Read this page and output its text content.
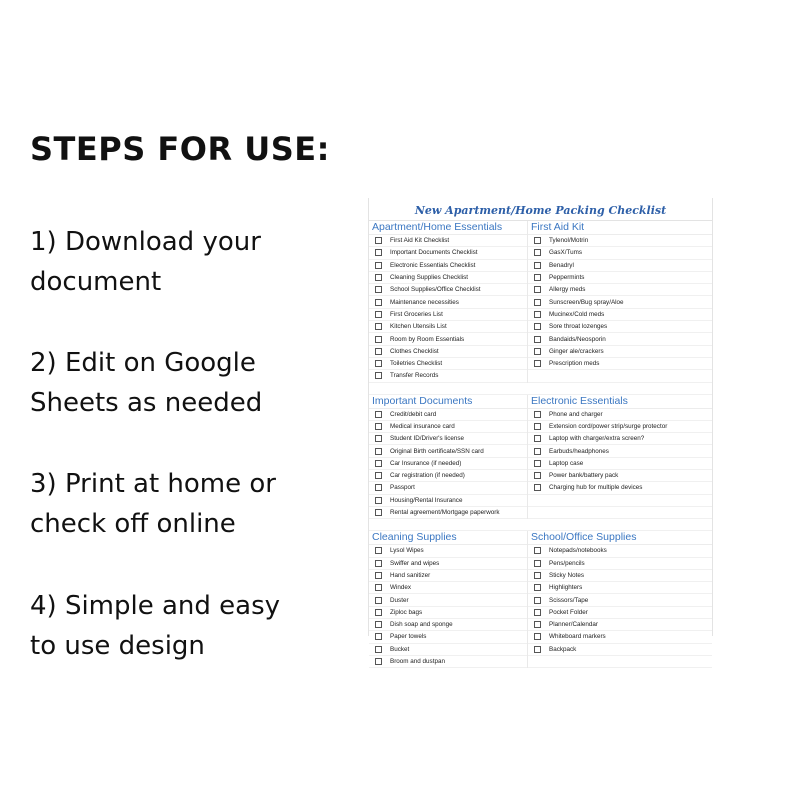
STEPS FOR USE:
1) Download your
document
2) Edit on Google
Sheets as needed
3) Print at home or
check off online
4) Simple and easy
to use design
New Apartment/Home Packing Checklist
Apartment/Home Essentials
First Aid Kit Checklist
Important Documents Checklist
Electronic Essentials Checklist
Cleaning Supplies Checklist
School Supplies/Office Checklist
Maintenance necessities
First Groceries List
Kitchen Utensils List
Room by Room Essentials
Clothes Checklist
Toiletries Checklist
Transfer Records
First Aid Kit
Tylenol/Motrin
GasX/Tums
Benadryl
Peppermints
Allergy meds
Sunscreen/Bug spray/Aloe
Mucinex/Cold meds
Sore throat lozenges
Bandaids/Neosporin
Ginger ale/crackers
Prescription meds
Important Documents
Credit/debit card
Medical insurance card
Student ID/Driver's license
Original Birth certificate/SSN card
Car Insurance (if needed)
Car registration (if needed)
Passport
Housing/Rental Insurance
Rental agreement/Mortgage paperwork
Electronic Essentials
Phone and charger
Extension cord/power strip/surge protector
Laptop with charger/extra screen?
Earbuds/headphones
Laptop case
Power bank/battery pack
Charging hub for multiple devices
Cleaning Supplies
Lysol Wipes
Swiffer and wipes
Hand sanitizer
Windex
Duster
Ziploc bags
Dish soap and sponge
Paper towels
Bucket
Broom and dustpan
School/Office Supplies
Notepads/notebooks
Pens/pencils
Sticky Notes
Highlighters
Scissors/Tape
Pocket Folder
Planner/Calendar
Whiteboard markers
Backpack
